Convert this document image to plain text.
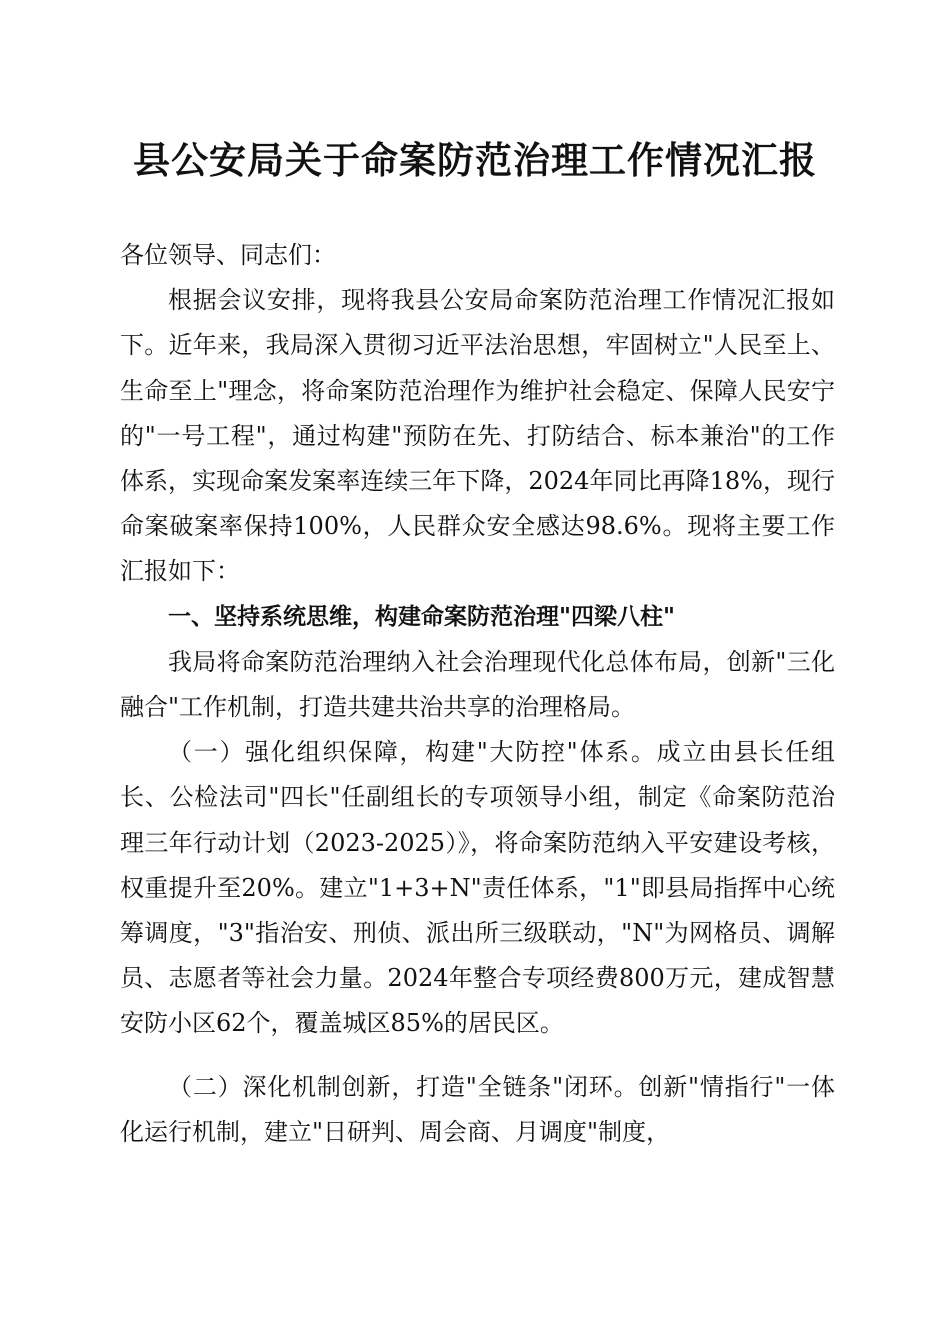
县公安局关于命案防范治理工作情况汇报

各位领导、同志们：

根据会议安排，现将我县公安局命案防范治理工作情况汇报如下。近年来，我局深入贯彻习近平法治思想，牢固树立"人民至上、生命至上"理念，将命案防范治理作为维护社会稳定、保障人民安宁的"一号工程"，通过构建"预防在先、打防结合、标本兼治"的工作体系，实现命案发案率连续三年下降，2024年同比再降18%，现行命案破案率保持100%，人民群众安全感达98.6%。现将主要工作汇报如下：

一、坚持系统思维，构建命案防范治理"四梁八柱"

我局将命案防范治理纳入社会治理现代化总体布局，创新"三化融合"工作机制，打造共建共治共享的治理格局。

（一）强化组织保障，构建"大防控"体系。成立由县长任组长、公检法司"四长"任副组长的专项领导小组，制定《命案防范治理三年行动计划（2023-2025）》，将命案防范纳入平安建设考核，权重提升至20%。建立"1+3+N"责任体系，"1"即县局指挥中心统筹调度，"3"指治安、刑侦、派出所三级联动，"N"为网格员、调解员、志愿者等社会力量。2024年整合专项经费800万元，建成智慧安防小区62个，覆盖城区85%的居民区。

（二）深化机制创新，打造"全链条"闭环。创新"情指行"一体化运行机制，建立"日研判、周会商、月调度"制度，
